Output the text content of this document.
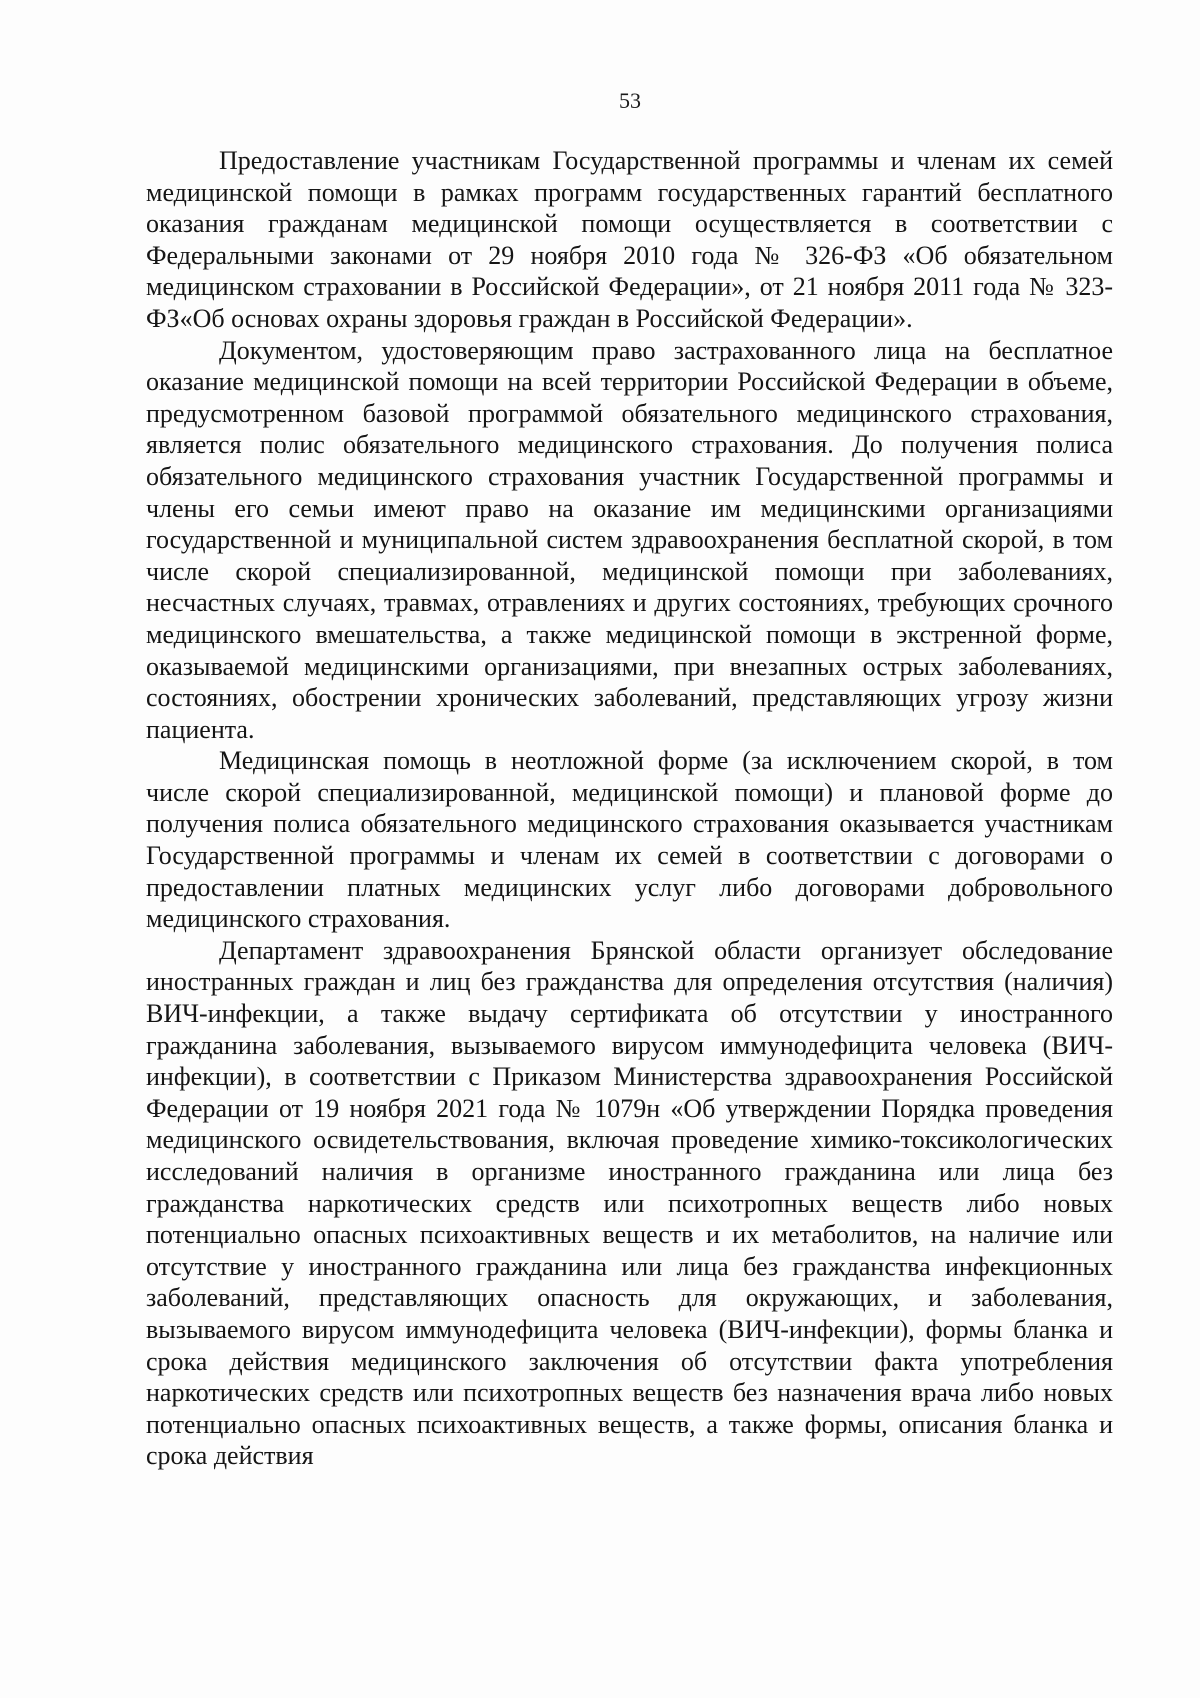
53

Предоставление участникам Государственной программы и членам их семей медицинской помощи в рамках программ государственных гарантий бесплатного оказания гражданам медицинской помощи осуществляется в соответствии с Федеральными законами от 29 ноября 2010 года № 326-ФЗ «Об обязательном медицинском страховании в Российской Федерации», от 21 ноября 2011 года № 323-ФЗ«Об основах охраны здоровья граждан в Российской Федерации».

Документом, удостоверяющим право застрахованного лица на бесплатное оказание медицинской помощи на всей территории Российской Федерации в объеме, предусмотренном базовой программой обязательного медицинского страхования, является полис обязательного медицинского страхования. До получения полиса обязательного медицинского страхования участник Государственной программы и члены его семьи имеют право на оказание им медицинскими организациями государственной и муниципальной систем здравоохранения бесплатной скорой, в том числе скорой специализированной, медицинской помощи при заболеваниях, несчастных случаях, травмах, отравлениях и других состояниях, требующих срочного медицинского вмешательства, а также медицинской помощи в экстренной форме, оказываемой медицинскими организациями, при внезапных острых заболеваниях, состояниях, обострении хронических заболеваний, представляющих угрозу жизни пациента.

Медицинская помощь в неотложной форме (за исключением скорой, в том числе скорой специализированной, медицинской помощи) и плановой форме до получения полиса обязательного медицинского страхования оказывается участникам Государственной программы и членам их семей в соответствии с договорами о предоставлении платных медицинских услуг либо договорами добровольного медицинского страхования.

Департамент здравоохранения Брянской области организует обследование иностранных граждан и лиц без гражданства для определения отсутствия (наличия) ВИЧ-инфекции, а также выдачу сертификата об отсутствии у иностранного гражданина заболевания, вызываемого вирусом иммунодефицита человека (ВИЧ-инфекции), в соответствии с Приказом Министерства здравоохранения Российской Федерации от 19 ноября 2021 года № 1079н «Об утверждении Порядка проведения медицинского освидетельствования, включая проведение химико-токсикологических исследований наличия в организме иностранного гражданина или лица без гражданства наркотических средств или психотропных веществ либо новых потенциально опасных психоактивных веществ и их метаболитов, на наличие или отсутствие у иностранного гражданина или лица без гражданства инфекционных заболеваний, представляющих опасность для окружающих, и заболевания, вызываемого вирусом иммунодефицита человека (ВИЧ-инфекции), формы бланка и срока действия медицинского заключения об отсутствии факта употребления наркотических средств или психотропных веществ без назначения врача либо новых потенциально опасных психоактивных веществ, а также формы, описания бланка и срока действия
